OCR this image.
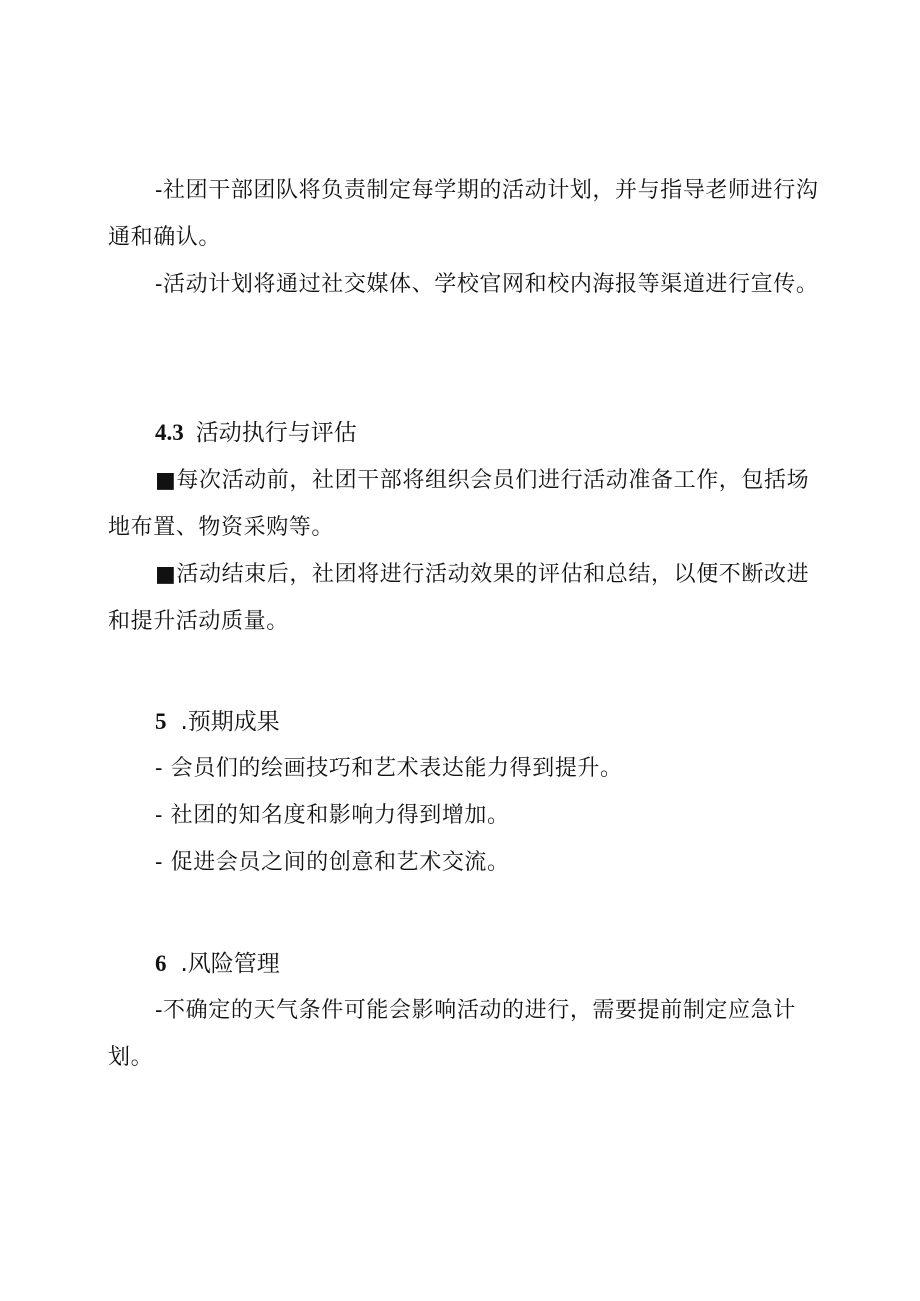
-社团干部团队将负责制定每学期的活动计划，并与指导老师进行沟通和确认。

-活动计划将通过社交媒体、学校官网和校内海报等渠道进行宣传。

4.3 活动执行与评估

■每次活动前，社团干部将组织会员们进行活动准备工作，包括场地布置、物资采购等。

■活动结束后，社团将进行活动效果的评估和总结，以便不断改进和提升活动质量。

5 .预期成果

- 会员们的绘画技巧和艺术表达能力得到提升。

- 社团的知名度和影响力得到增加。

- 促进会员之间的创意和艺术交流。

6 .风险管理

-不确定的天气条件可能会影响活动的进行，需要提前制定应急计划。
